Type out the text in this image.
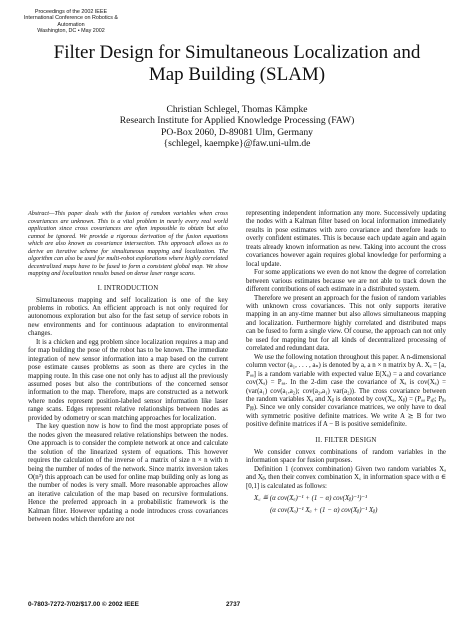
Proceedings of the 2002 IEEE
International Conference on Robotics & Automation
Washington, DC • May 2002
Filter Design for Simultaneous Localization and
Map Building (SLAM)
Christian Schlegel, Thomas Kämpke
Research Institute for Applied Knowledge Processing (FAW)
PO-Box 2060, D-89081 Ulm, Germany
{schlegel, kaempke}@faw.uni-ulm.de

Abstract—This paper deals with the fusion of random variables when cross covariances are unknown. This is a vital problem in nearly every real world application since cross covariances are often impossible to obtain but also cannot be ignored. We provide a rigorous derivation of the fusion equations which are also known as covariance intersection. This approach allows us to derive an iterative scheme for simultaneous mapping and localization. The algorithm can also be used for multi-robot explorations where highly correlated decentralized maps have to be fused to form a consistent global map. We show mapping and localization results based on dense laser range scans.

I. INTRODUCTION

Simultaneous mapping and self localization is one of the key problems in robotics. An efficient approach is not only required for autonomous exploration but also for the fast setup of service robots in new environments and for continuous adaptation to environmental changes.

It is a chicken and egg problem since localization requires a map and for map building the pose of the robot has to be known. The immediate integration of new sensor information into a map based on the current pose estimate causes problems as soon as there are cycles in the mapping route. In this case one not only has to adjust all the previously assumed poses but also the contributions of the concerned sensor information to the map. Therefore, maps are constructed as a network where nodes represent position-labeled sensor information like laser range scans. Edges represent relative relationships between nodes as provided by odometry or scan matching approaches for localization.

The key question now is how to find the most appropriate poses of the nodes given the measured relative relationships between the nodes. One approach is to consider the complete network at once and calculate the solution of the linearized system of equations. This however requires the calculation of the inverse of a matrix of size n × n with n being the number of nodes of the network. Since matrix inversion takes O(n³) this approach can be used for online map building only as long as the number of nodes is very small. More reasonable approaches allow an iterative calculation of the map based on recursive formulations. Hence the preferred approach in a probabilistic framework is the Kalman filter. However updating a node introduces cross covariances between nodes which therefore are not

representing independent information any more. Successively updating the nodes with a Kalman filter based on local information immediately results in pose estimates with zero covariance and therefore leads to overly confident estimates. This is because each update again and again treats already known information as new. Taking into account the cross covariances however again requires global knowledge for performing a local update.

For some applications we even do not know the degree of correlation between various estimates because we are not able to track down the different contributions of each estimate in a distributed system.

Therefore we present an approach for the fusion of random variables with unknown cross covariances. This not only supports iterative mapping in an any-time manner but also allows simultaneous mapping and localization. Furthermore highly correlated and distributed maps can be fused to form a single view. Of course, the approach can not only be used for mapping but for all kinds of decentralized processing of correlated and redundant data.

We use the following notation throughout this paper. A n-dimensional column vector (a₁, . . . , aₙ) is denoted by a, a n × n matrix by A. Xₐ = [a, Pₐₐ] is a random variable with expected value E(Xₐ) = a and covariance cov(Xₐ) = Pₐₐ. In the 2-dim case the covariance of Xₐ is cov(Xₐ) = (var(a₁) cov(a₁,a₂); cov(a₂,a₁) var(a₂)). The cross covariance between the random variables Xₐ and Xᵦ is denoted by cov(Xₐ, Xᵦ) = (Pₐₐ Pₐᵦ; Pᵦₐ Pᵦᵦ). Since we only consider covariance matrices, we only have to deal with symmetric positive definite matrices. We write A ⪰ B for two positive definite matrices if A − B is positive semidefinite.

II. FILTER DESIGN

We consider convex combinations of random variables in the information space for fusion purposes.

Definition 1 (convex combination) Given two random variables Xₐ and Xᵦ, then their convex combination X꜀ in information space with α ∈ [0,1] is calculated as follows:

X꜀ ≝ (α cov(Xₐ)⁻¹ + (1 − α) cov(Xᵦ)⁻¹)⁻¹
(α cov(Xₐ)⁻¹ Xₐ + (1 − α) cov(Xᵦ)⁻¹ Xᵦ)
0-7803-7272-7/02/$17.00 © 2002 IEEE	2737
